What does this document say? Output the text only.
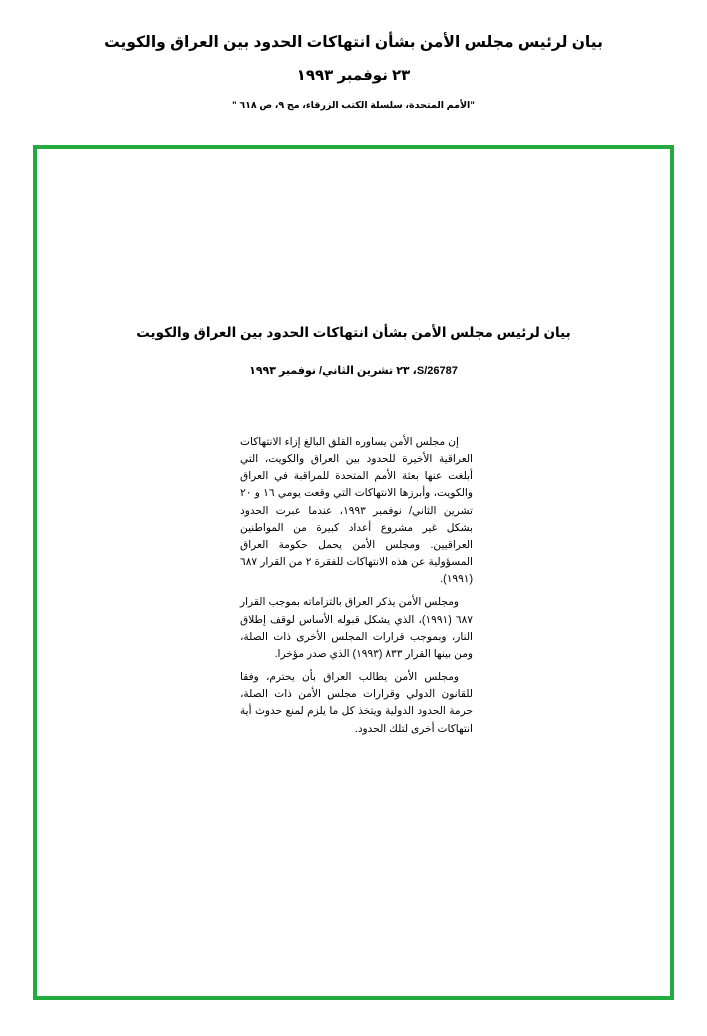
بيان لرئيس مجلس الأمن بشأن انتهاكات الحدود بين العراق والكويت
٢٣ نوفمبر ١٩٩٣
"الأمم المتحدة، سلسلة الكتب الزرقاء، مج ٩، ص ٦١٨ "
بيان لرئيس مجلس الأمن بشأن انتهاكات الحدود بين العراق والكويت
S/26787، ٢٣ تشرين الثاني/ نوفمبر ١٩٩٣

إن مجلس الأمن يساوره القلق البالغ إزاء الانتهاكات العراقية الأخيرة للحدود بين العراق والكويت، التي أبلغت عنها بعثة الأمم المتحدة للمراقبة في العراق والكويت، وأبرزها الانتهاكات التي وقعت يومي ١٦ و ٢٠ تشرين الثاني/ نوفمبر ١٩٩٣، عندما عبرت الحدود بشكل غير مشروع أعداد كبيرة من المواطنين العراقيين. ومجلس الأمن يحمل حكومة العراق المسؤولية عن هذه الانتهاكات للفقرة ٢ من القرار ٦٨٧ (١٩٩١).

ومجلس الأمن يذكر العراق بالتزاماته بموجب القرار ٦٨٧ (١٩٩١)، الذي يشكل قبوله الأساس لوقف إطلاق النار، وبموجب قرارات المجلس الأخرى ذات الصلة، ومن بينها القرار ٨٣٣ (١٩٩٣) الذي صدر مؤخرا.

ومجلس الأمن يطالب العراق بأن يحترم، وفقا للقانون الدولي وقرارات مجلس الأمن ذات الصلة، حرمة الحدود الدولية ويتخذ كل ما يلزم لمنع حدوث أية انتهاكات أخرى لتلك الحدود.
